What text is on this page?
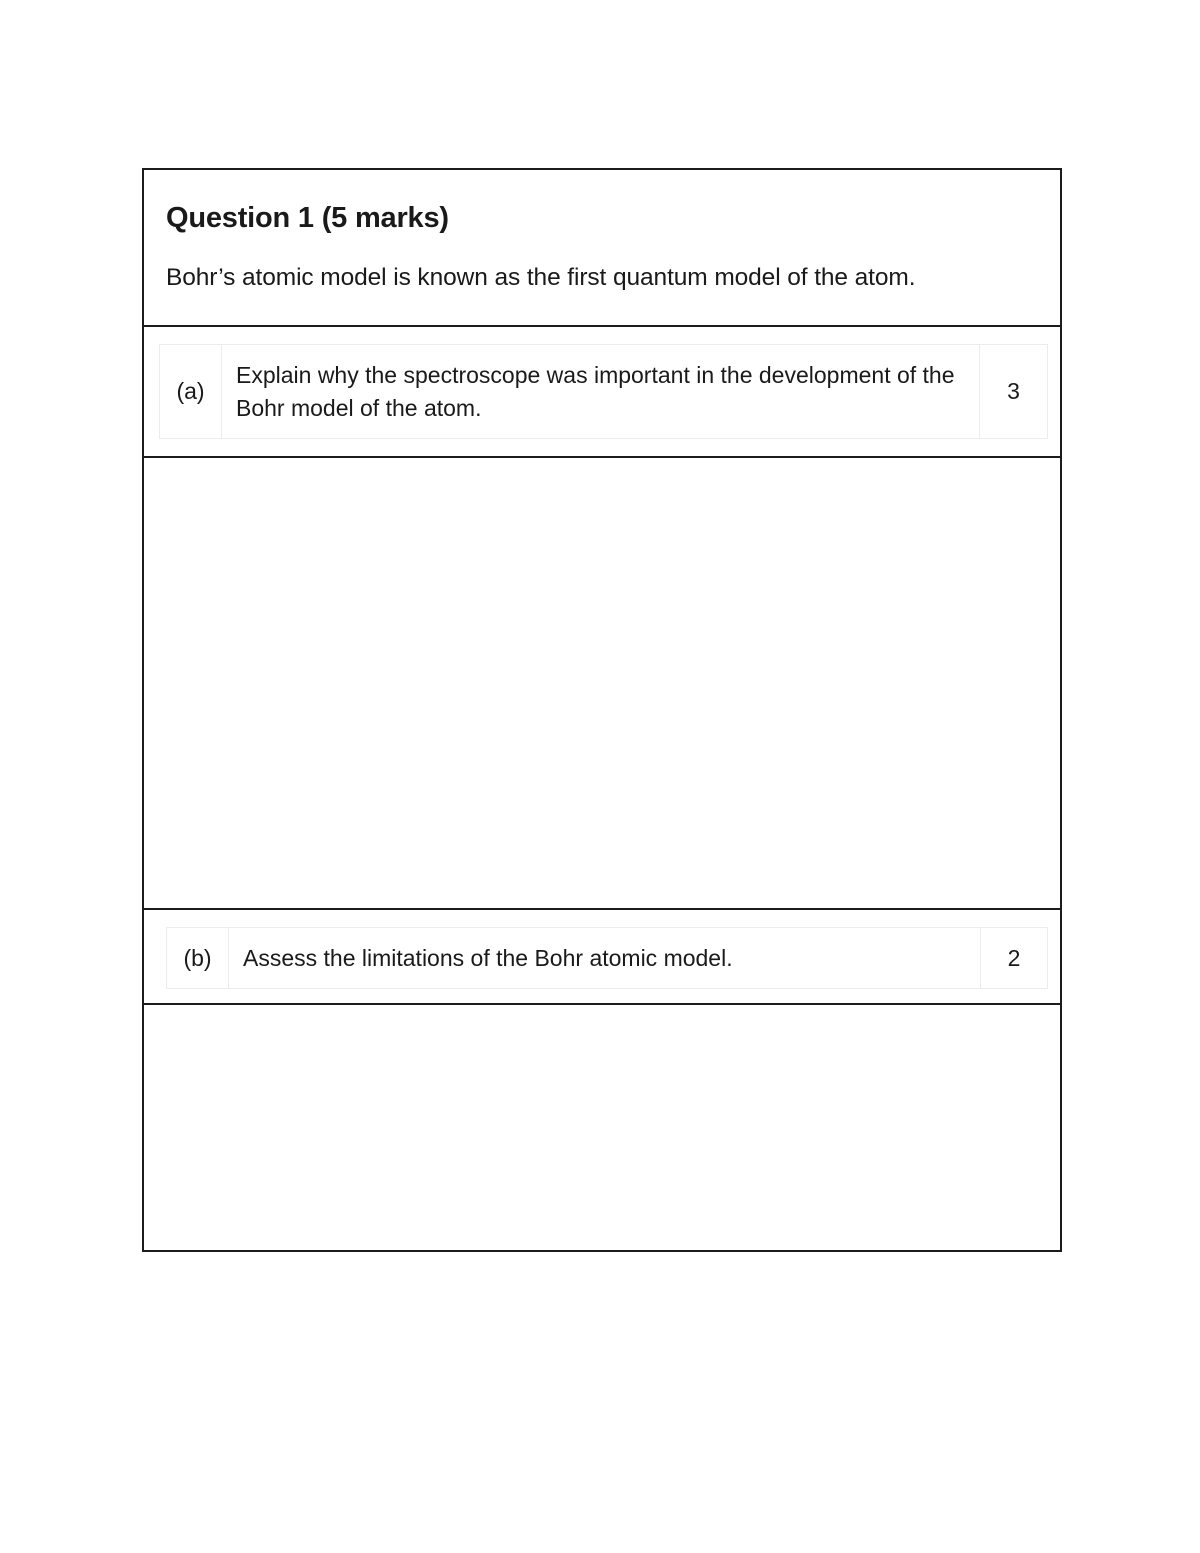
Question 1 (5 marks)
Bohr’s atomic model is known as the first quantum model of the atom.
(a)
Explain why the spectroscope was important in the development of the Bohr model of the atom.
3
(b)	Assess the limitations of the Bohr atomic model.	2
